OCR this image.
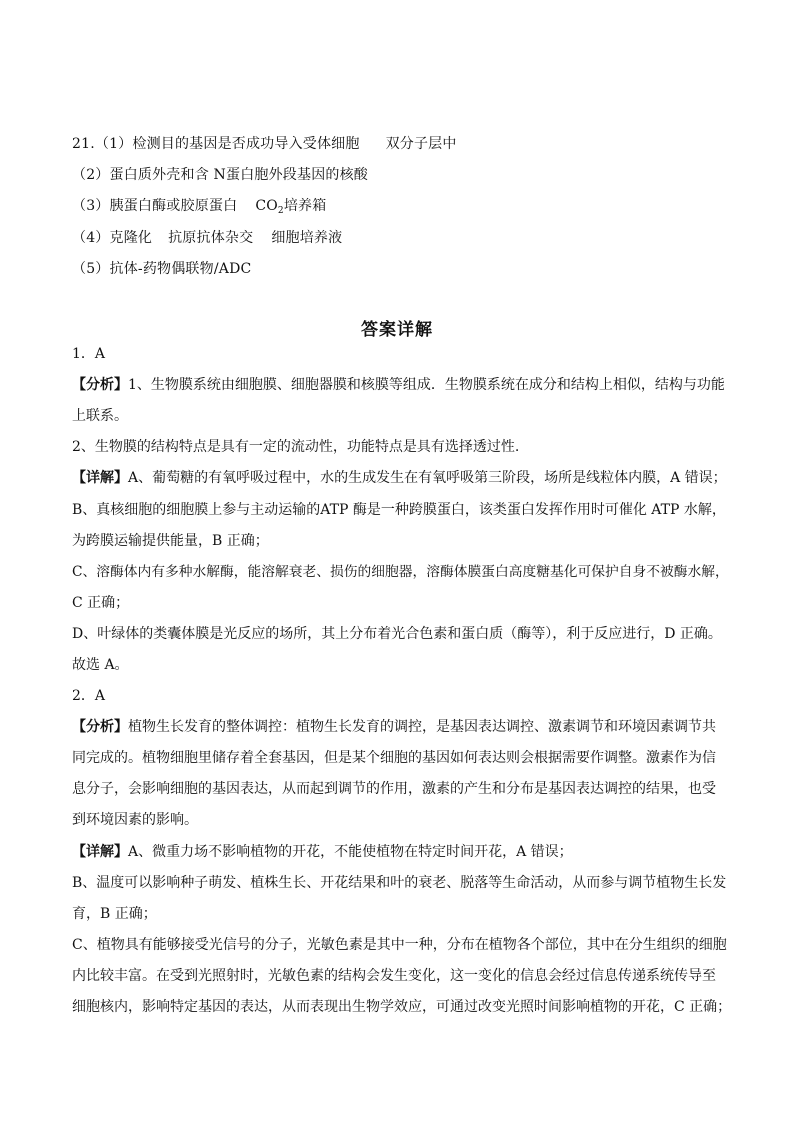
21.（1）检测目的基因是否成功导入受体细胞 双分子层中
（2）蛋白质外壳和含 N蛋白胞外段基因的核酸
（3）胰蛋白酶或胶原蛋白 $CO_2$培养箱
（4）克隆化 抗原抗体杂交 细胞培养液
（5）抗体-药物偶联物/ADC
答案详解
1．A
【分析】1、生物膜系统由细胞膜、细胞器膜和核膜等组成．生物膜系统在成分和结构上相似，结构与功能
上联系。
2、生物膜的结构特点是具有一定的流动性，功能特点是具有选择透过性.
【详解】A、葡萄糖的有氧呼吸过程中，水的生成发生在有氧呼吸第三阶段，场所是线粒体内膜，A 错误；
B、真核细胞的细胞膜上参与主动运输的ATP 酶是一种跨膜蛋白，该类蛋白发挥作用时可催化 ATP 水解，
为跨膜运输提供能量，B 正确；
C、溶酶体内有多种水解酶，能溶解衰老、损伤的细胞器，溶酶体膜蛋白高度糖基化可保护自身不被酶水解，
C 正确；
D、叶绿体的类囊体膜是光反应的场所，其上分布着光合色素和蛋白质（酶等），利于反应进行，D 正确。
故选 A。
2．A
【分析】植物生长发育的整体调控：植物生长发育的调控，是基因表达调控、激素调节和环境因素调节共
同完成的。植物细胞里储存着全套基因，但是某个细胞的基因如何表达则会根据需要作调整。激素作为信
息分子，会影响细胞的基因表达，从而起到调节的作用，激素的产生和分布是基因表达调控的结果，也受
到环境因素的影响。
【详解】A、微重力场不影响植物的开花，不能使植物在特定时间开花，A 错误；
B、温度可以影响种子萌发、植株生长、开花结果和叶的衰老、脱落等生命活动，从而参与调节植物生长发
育，B 正确；
C、植物具有能够接受光信号的分子，光敏色素是其中一种，分布在植物各个部位，其中在分生组织的细胞
内比较丰富。在受到光照射时，光敏色素的结构会发生变化，这一变化的信息会经过信息传递系统传导至
细胞核内，影响特定基因的表达，从而表现出生物学效应，可通过改变光照时间影响植物的开花，C 正确；
